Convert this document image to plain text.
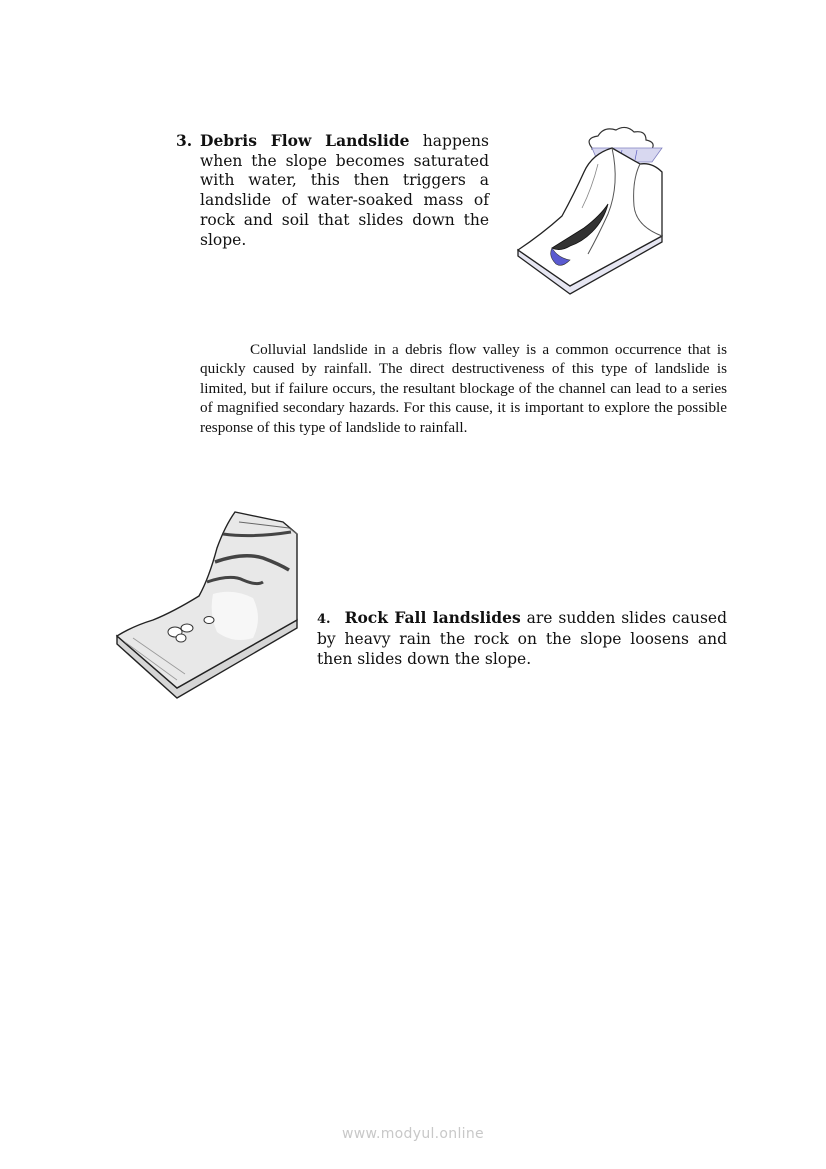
3. Debris Flow Landslide happens when the slope becomes saturated with water, this then triggers a landslide of water-soaked mass of rock and soil that slides down the slope.

Colluvial landslide in a debris flow valley is a common occurrence that is quickly caused by rainfall. The direct destructiveness of this type of landslide is limited, but if failure occurs, the resultant blockage of the channel can lead to a series of magnified secondary hazards. For this cause, it is important to explore the possible response of this type of landslide to rainfall.

4. Rock Fall landslides are sudden slides caused by heavy rain the rock on the slope loosens and then slides down the slope.
www.modyul.online
